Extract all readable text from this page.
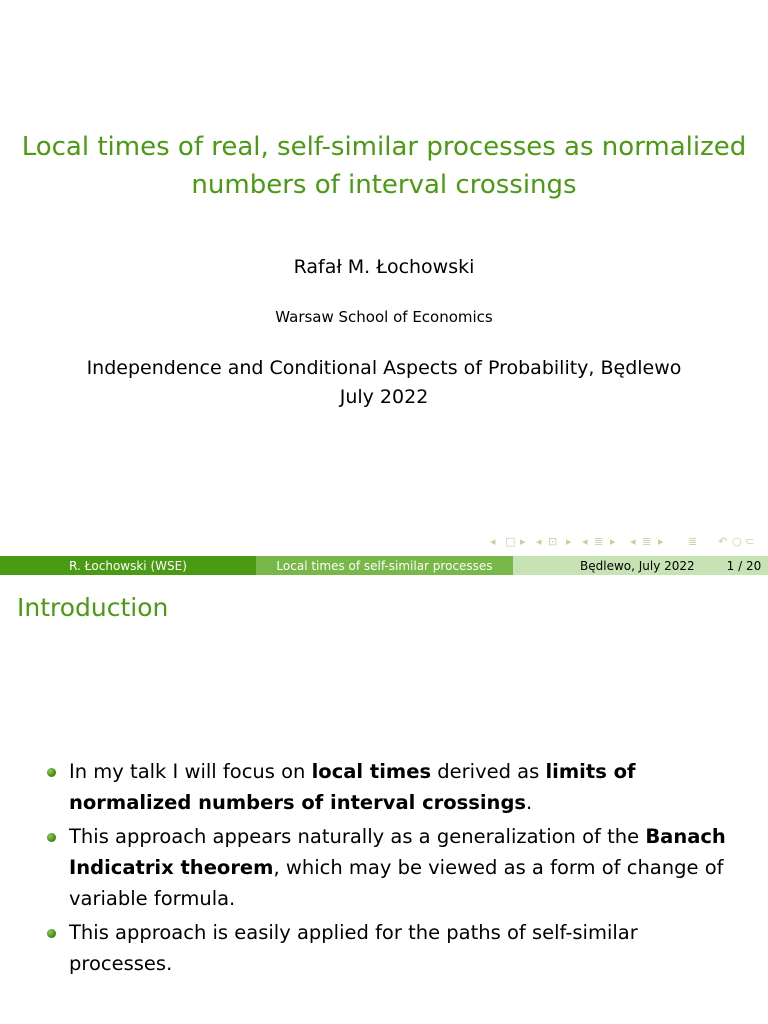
Local times of real, self-similar processes as normalized
numbers of interval crossings
Rafał M. Łochowski
Warsaw School of Economics
Independence and Conditional Aspects of Probability, Będlewo
July 2022
◂ □ ▸ ◂ ⊡ ▸ ◂ ≣ ▸ ◂ ≣ ▸ ≣ ↶ ○ ⊂
R. Łochowski (WSE)	Local times of self-similar processes	Będlewo, July 2022	1 / 20
Introduction
In my talk I will focus on local times derived as limits of normalized numbers of interval crossings.
This approach appears naturally as a generalization of the Banach Indicatrix theorem, which may be viewed as a form of change of variable formula.
This approach is easily applied for the paths of self-similar processes.
